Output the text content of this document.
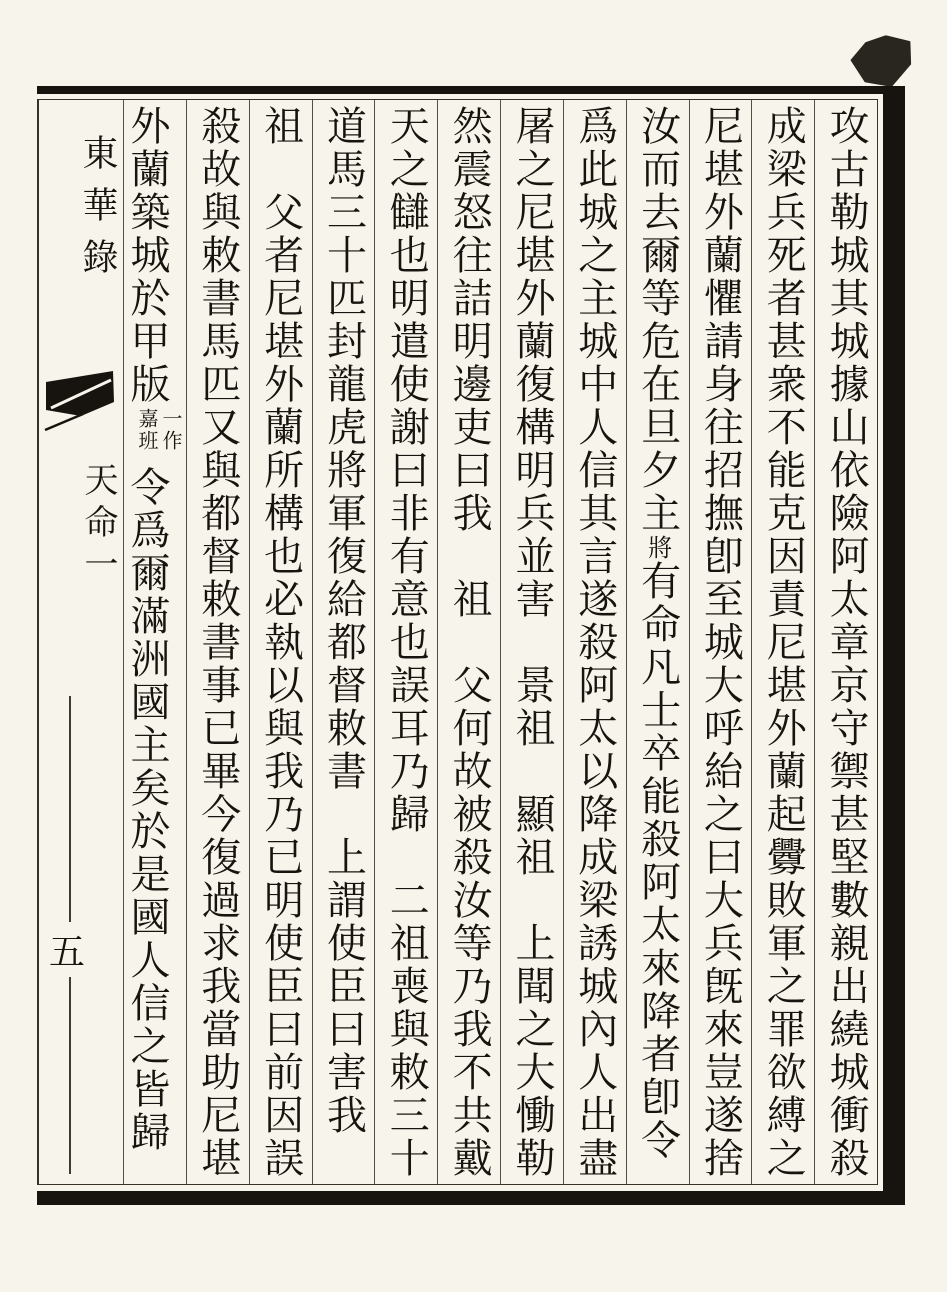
攻古勒城其城據山依險阿太章京守禦甚堅數親出繞城衝殺
成梁兵死者甚衆不能克因責尼堪外蘭起釁敗軍之罪欲縛之
尼堪外蘭懼請身往招撫卽至城大呼紿之曰大兵旣來豈遂捨
汝而去爾等危在旦夕主將有命凡士卒能殺阿太來降者卽令
爲此城之主城中人信其言遂殺阿太以降成梁誘城內人出盡
屠之尼堪外蘭復構明兵並害　景祖　顯祖　上聞之大慟勒
然震怒往詰明邊吏曰我　祖　父何故被殺汝等乃我不共戴
天之讎也明遣使謝曰非有意也誤耳乃歸　二祖喪與敕三十
道馬三十匹封龍虎將軍復給都督敕書　上謂使臣曰害我
祖　父者尼堪外蘭所構也必執以與我乃已明使臣曰前因誤
殺故與敕書馬匹又與都督敕書事已畢今復過求我當助尼堪
外蘭築城於甲版一作嘉班令爲爾滿洲國主矣於是國人信之皆歸
東華錄
天命一
五
